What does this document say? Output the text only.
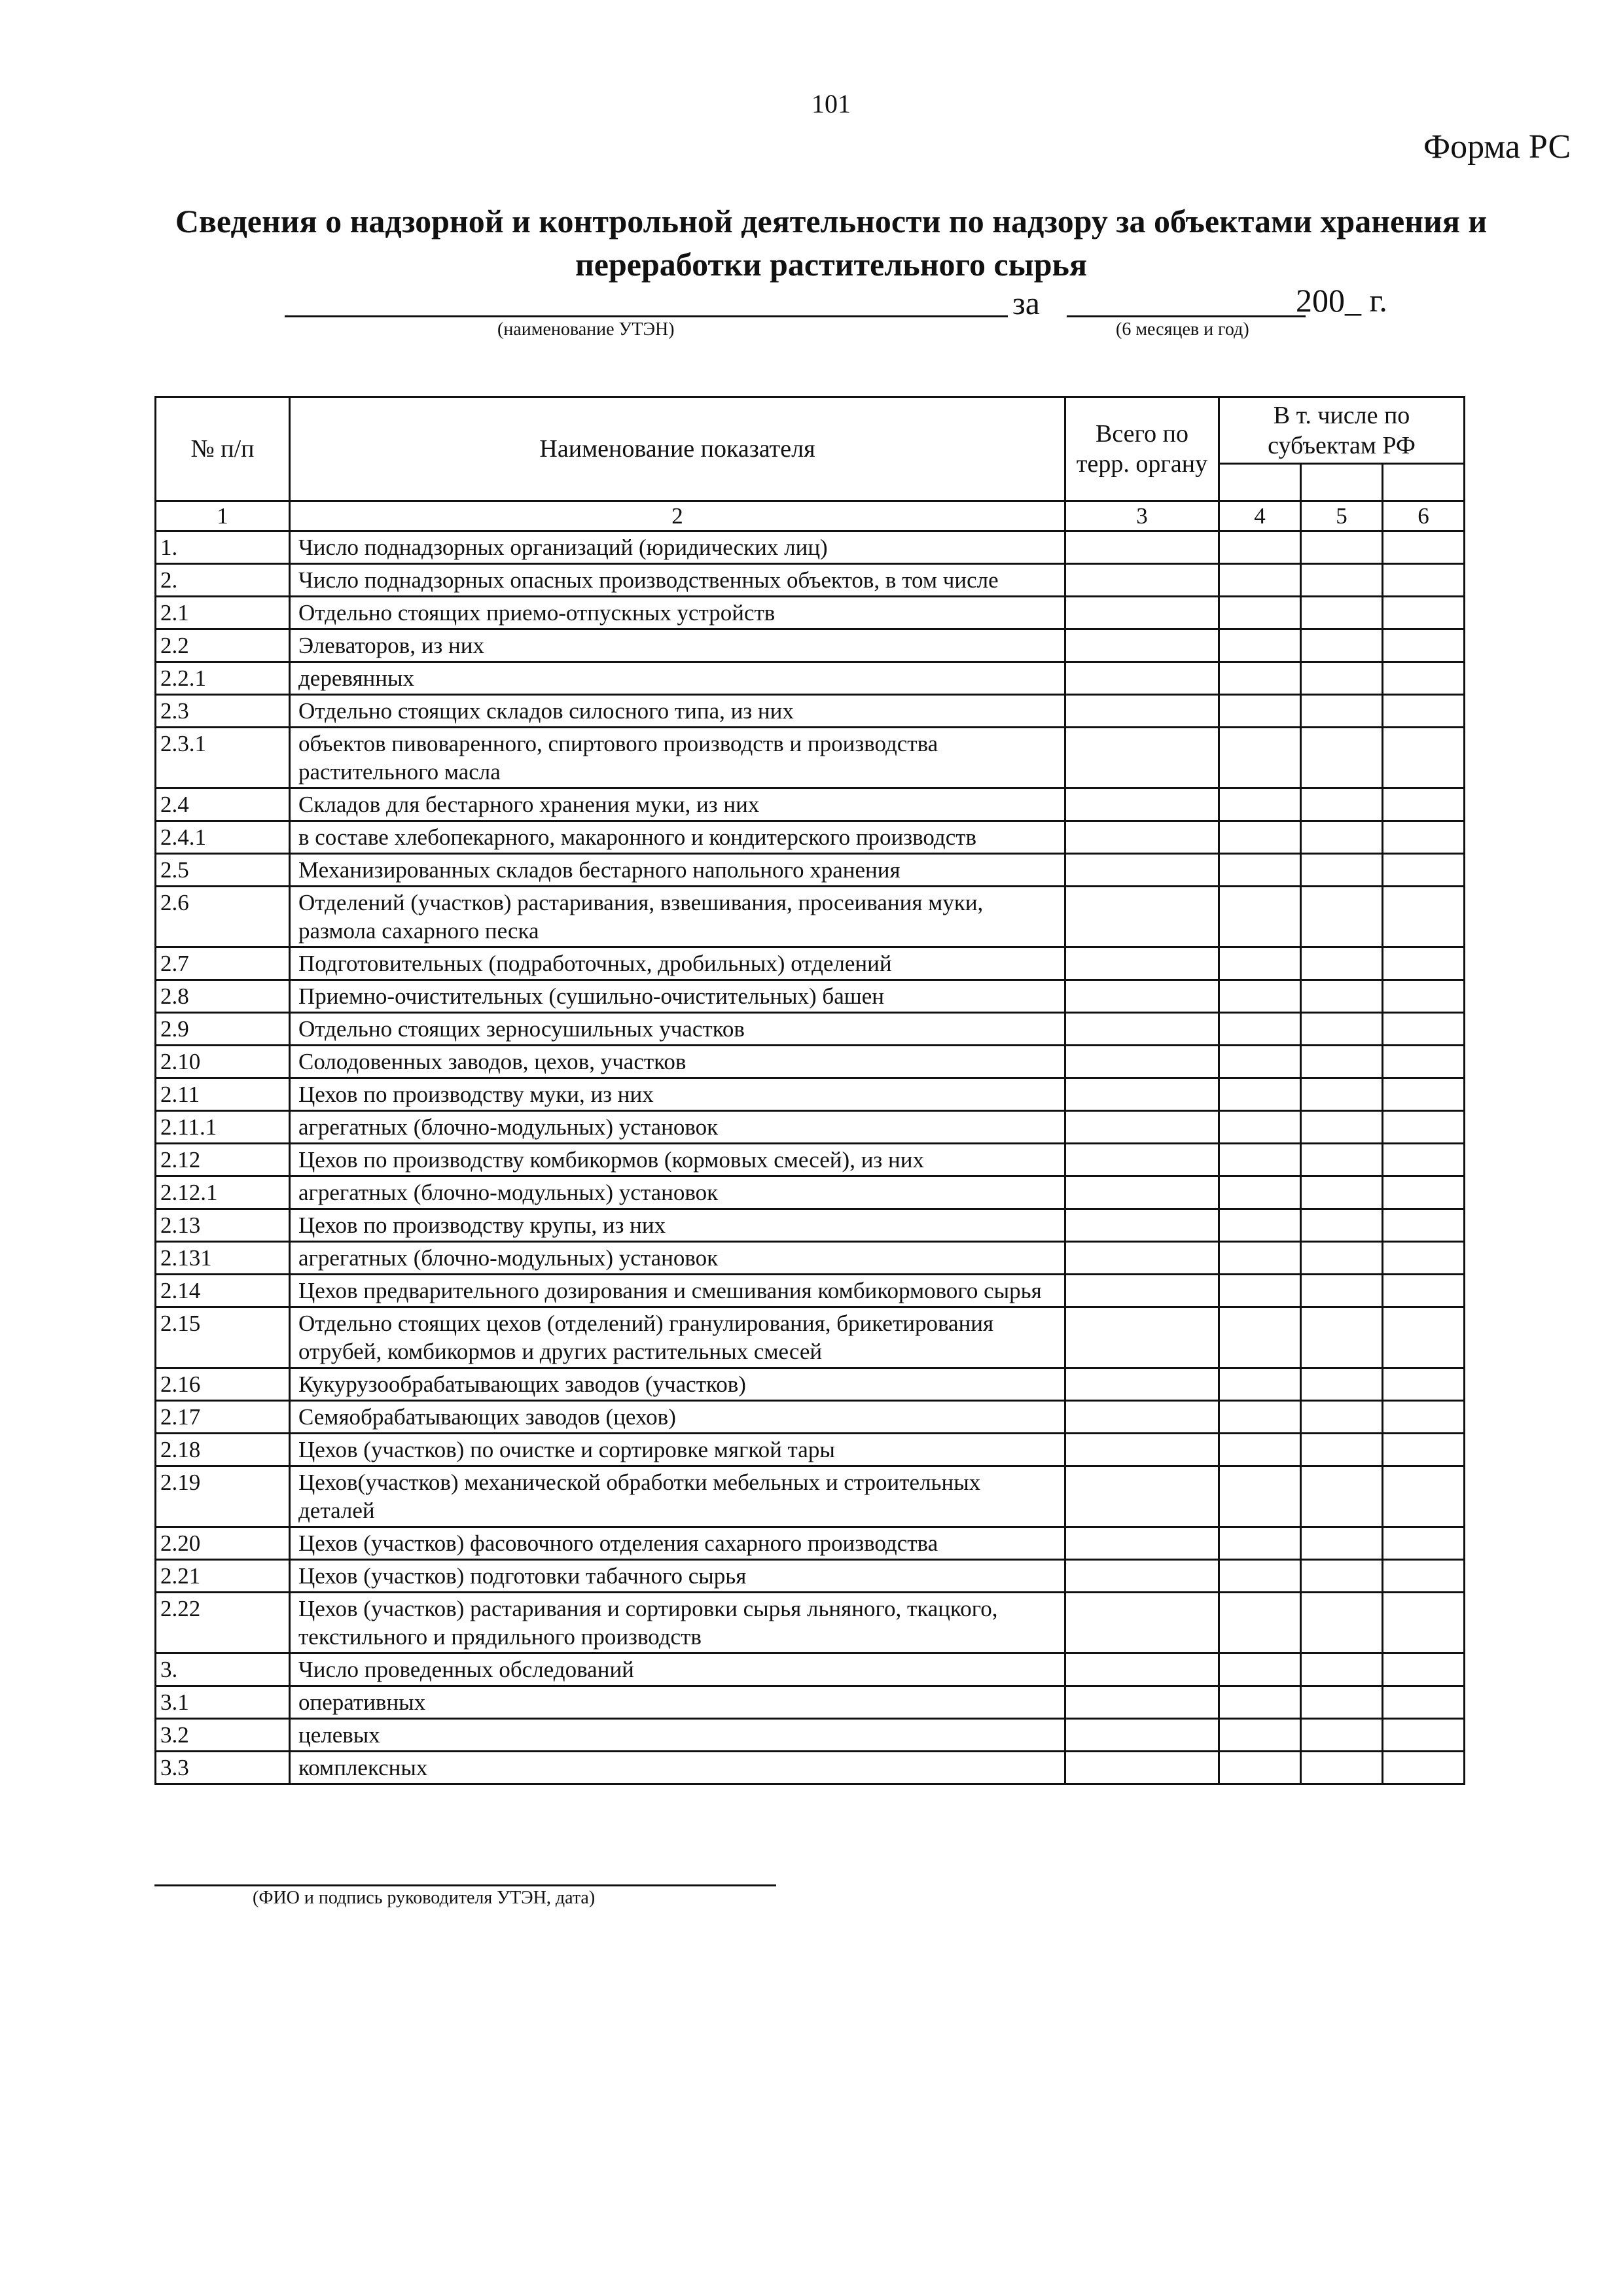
101
Форма РС
Сведения о надзорной и контрольной деятельности по надзору за объектами хранения и
переработки растительного сырья
за	200_ г.
(наименование УТЭН)	(6 месяцев и год)
№ п/п	Наименование показателя	Всего по терр. органу	В т. числе по субъектам РФ		

1	2	3	4	5	6
1.	Число поднадзорных организаций (юридических лиц)				
2.	Число поднадзорных опасных производственных объектов, в том числе				
2.1	Отдельно стоящих приемо-отпускных устройств				
2.2	Элеваторов, из них				
2.2.1	деревянных				
2.3	Отдельно стоящих складов силосного типа, из них				
2.3.1	объектов пивоваренного, спиртового производств и производства растительного масла				
2.4	Складов для бестарного хранения муки, из них				
2.4.1	в составе хлебопекарного, макаронного и кондитерского производств				
2.5	Механизированных складов бестарного напольного хранения				
2.6	Отделений (участков) растаривания, взвешивания, просеивания муки, размола сахарного песка				
2.7	Подготовительных (подработочных, дробильных) отделений				
2.8	Приемно-очистительных (сушильно-очистительных) башен				
2.9	Отдельно стоящих зерносушильных участков				
2.10	Солодовенных заводов, цехов, участков				
2.11	Цехов по производству муки, из них				
2.11.1	агрегатных (блочно-модульных) установок				
2.12	Цехов по производству комбикормов (кормовых смесей), из них				
2.12.1	агрегатных (блочно-модульных) установок				
2.13	Цехов по производству крупы, из них				
2.131	агрегатных (блочно-модульных) установок				
2.14	Цехов предварительного дозирования и смешивания комбикормового сырья				
2.15	Отдельно стоящих цехов (отделений) гранулирования, брикетирования отрубей, комбикормов и других растительных смесей				
2.16	Кукурузообрабатывающих заводов (участков)				
2.17	Семяобрабатывающих заводов (цехов)				
2.18	Цехов (участков) по очистке и сортировке мягкой тары				
2.19	Цехов(участков) механической обработки мебельных и строительных деталей				
2.20	Цехов (участков) фасовочного отделения сахарного производства				
2.21	Цехов (участков) подготовки табачного сырья				
2.22	Цехов (участков) растаривания и сортировки сырья льняного, ткацкого, текстильного и прядильного производств				
3.	Число проведенных обследований				
3.1	оперативных				
3.2	целевых				
3.3	комплексных				
(ФИО и подпись руководителя УТЭН, дата)
